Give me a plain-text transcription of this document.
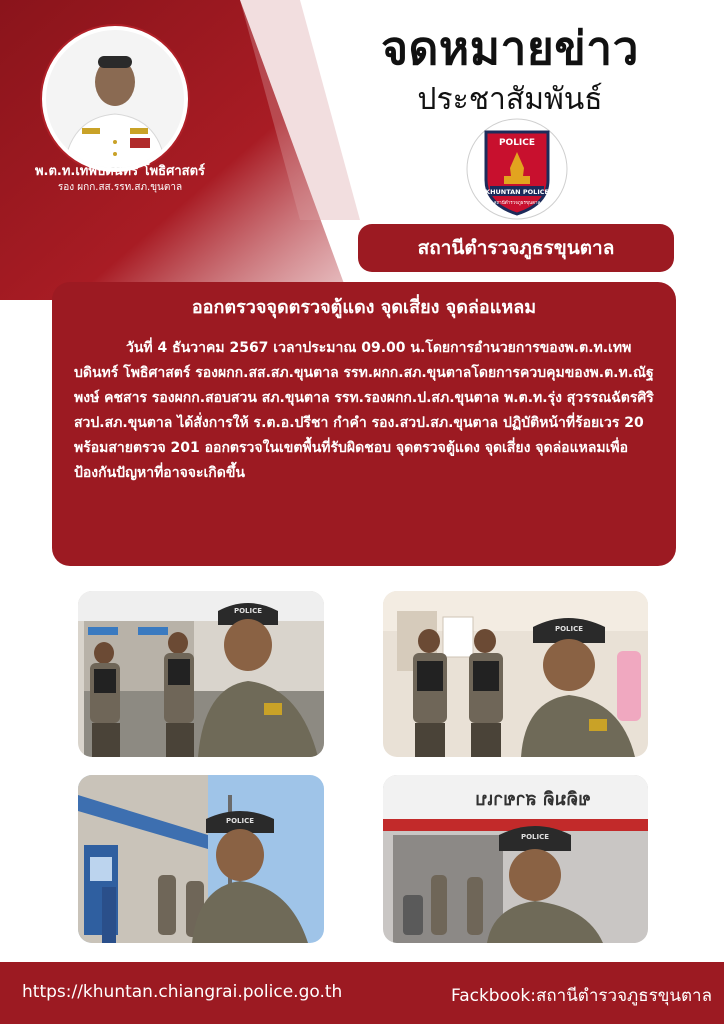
พ.ต.ท.เทพบดินทร์ โพธิศาสตร์
รอง ผกก.สส.รรท.สภ.ขุนตาล
จดหมายข่าว
ประชาสัมพันธ์
POLICE
KHUNTAN POLICE
สถานีตำรวจภูธรขุนตาล
สถานีตำรวจภูธรขุนตาล
ออกตรวจจุดตรวจตู้แดง จุดเสี่ยง จุดล่อแหลม
วันที่ 4 ธันวาคม 2567 เวลาประมาณ 09.00 น.โดยการอำนวยการของพ.ต.ท.เทพบดินทร์ โพธิศาสตร์ รองผกก.สส.สภ.ขุนตาล รรท.ผกก.สภ.ขุนตาลโดยการควบคุมของพ.ต.ท.ณัฐพงษ์ คชสาร รองผกก.สอบสวน สภ.ขุนตาล รรท.รองผกก.ป.สภ.ขุนตาล พ.ต.ท.รุ่ง สุวรรณฉัตรศิริ สวป.สภ.ขุนตาล ได้สั่งการให้ ร.ต.อ.ปรีชา กำคำ รอง.สวป.สภ.ขุนตาล ปฏิบัติหน้าที่ร้อยเวร 20 พร้อมสายตรวจ 201 ออกตรวจในเขตพื้นที่รับผิดชอบ จุดตรวจตู้แดง จุดเสี่ยง จุดล่อแหลมเพื่อป้องกันปัญหาที่อาจจะเกิดขึ้น
POLICE
POLICE
POLICE
ขดิมดิ สาขาเบ
POLICE
https://khuntan.chiangrai.police.go.th	Fackbook:สถานีตำรวจภูธรขุนตาล
